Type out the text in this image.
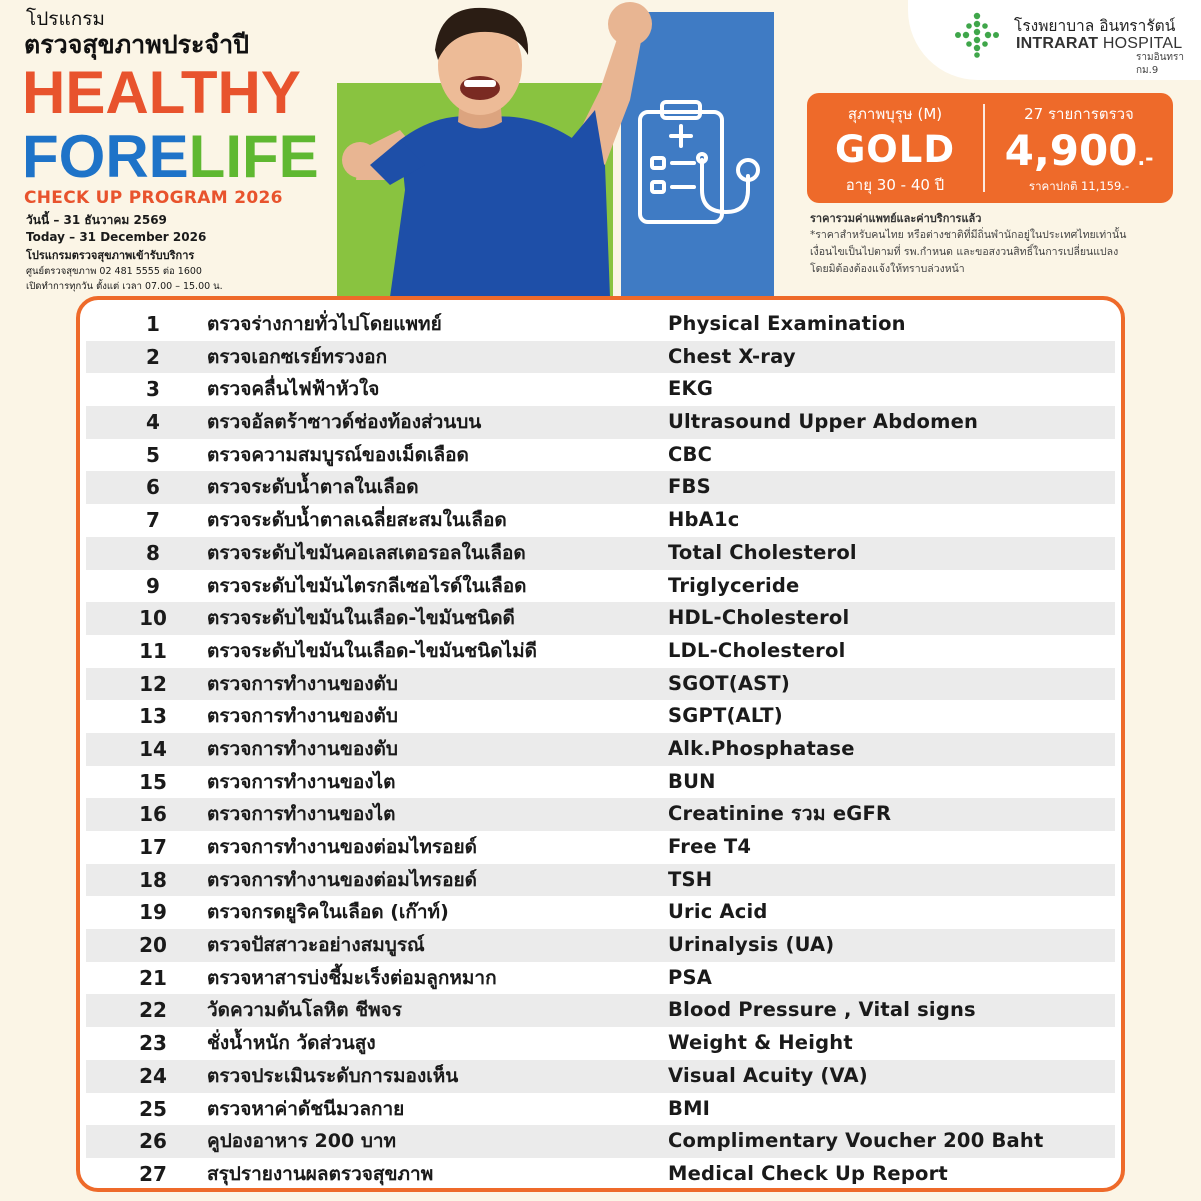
โปรแกรม
ตรวจสุขภาพประจำปี
HEALTHY
FORELIFE
CHECK UP PROGRAM 2026
วันนี้ – 31 ธันวาคม 2569
Today – 31 December 2026
โปรแกรมตรวจสุขภาพเข้ารับบริการ
ศูนย์ตรวจสุขภาพ 02 481 5555 ต่อ 1600
เปิดทำการทุกวัน ตั้งแต่ เวลา 07.00 – 15.00 น.
โรงพยาบาล อินทรารัตน์
INTRARAT HOSPITAL
รามอินทรา กม.9
สุภาพบุรุษ (M)
GOLD
อายุ 30 - 40 ปี
27 รายการตรวจ
4,900.-
ราคาปกติ 11,159.-
ราคารวมค่าแพทย์และค่าบริการแล้ว
*ราคาสำหรับคนไทย หรือต่างชาติที่มีถิ่นพำนักอยู่ในประเทศไทยเท่านั้น
เงื่อนไขเป็นไปตามที่ รพ.กำหนด และขอสงวนสิทธิ์ในการเปลี่ยนแปลง
โดยมิต้องต้องแจ้งให้ทราบล่วงหน้า
1	ตรวจร่างกายทั่วไปโดยแพทย์	Physical Examination
2	ตรวจเอกซเรย์ทรวงอก	Chest X-ray
3	ตรวจคลื่นไฟฟ้าหัวใจ	EKG
4	ตรวจอัลตร้าซาวด์ช่องท้องส่วนบน	Ultrasound Upper Abdomen
5	ตรวจความสมบูรณ์ของเม็ดเลือด	CBC
6	ตรวจระดับน้ำตาลในเลือด	FBS
7	ตรวจระดับน้ำตาลเฉลี่ยสะสมในเลือด	HbA1c
8	ตรวจระดับไขมันคอเลสเตอรอลในเลือด	Total Cholesterol
9	ตรวจระดับไขมันไตรกลีเซอไรด์ในเลือด	Triglyceride
10	ตรวจระดับไขมันในเลือด-ไขมันชนิดดี	HDL-Cholesterol
11	ตรวจระดับไขมันในเลือด-ไขมันชนิดไม่ดี	LDL-Cholesterol
12	ตรวจการทำงานของตับ	SGOT(AST)
13	ตรวจการทำงานของตับ	SGPT(ALT)
14	ตรวจการทำงานของตับ	Alk.Phosphatase
15	ตรวจการทำงานของไต	BUN
16	ตรวจการทำงานของไต	Creatinine รวม eGFR
17	ตรวจการทำงานของต่อมไทรอยด์	Free T4
18	ตรวจการทำงานของต่อมไทรอยด์	TSH
19	ตรวจกรดยูริคในเลือด (เก๊าท์)	Uric Acid
20	ตรวจปัสสาวะอย่างสมบูรณ์	Urinalysis (UA)
21	ตรวจหาสารบ่งชี้มะเร็งต่อมลูกหมาก	PSA
22	วัดความดันโลหิต ชีพจร	Blood Pressure , Vital signs
23	ชั่งน้ำหนัก วัดส่วนสูง	Weight & Height
24	ตรวจประเมินระดับการมองเห็น	Visual Acuity (VA)
25	ตรวจหาค่าดัชนีมวลกาย	BMI
26	คูปองอาหาร 200 บาท	Complimentary Voucher 200 Baht
27	สรุปรายงานผลตรวจสุขภาพ	Medical Check Up Report
